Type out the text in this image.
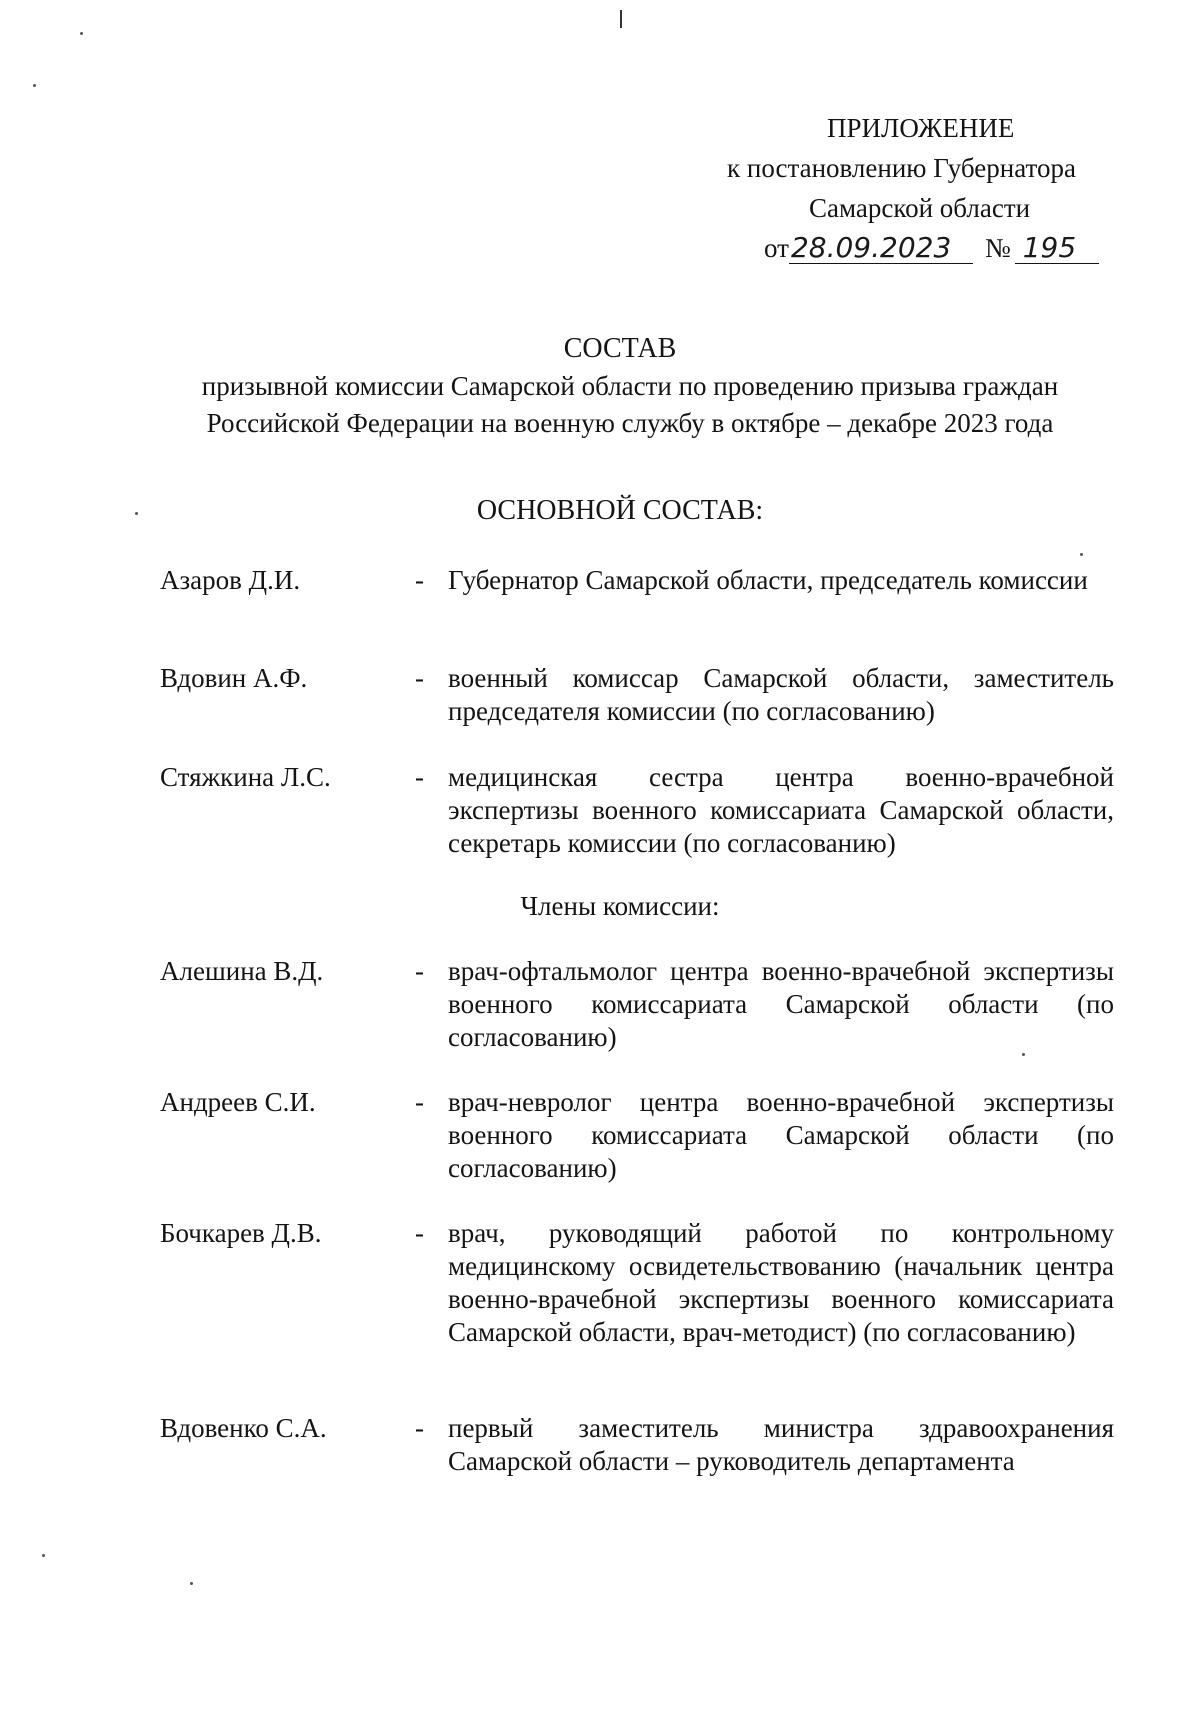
ПРИЛОЖЕНИЕ
к постановлению Губернатора
Самарской области
от28.09.2023 № 195
СОСТАВ
призывной комиссии Самарской области по проведению призыва граждан Российской Федерации на военную службу в октябре – декабре 2023 года
ОСНОВНОЙ СОСТАВ:
Азаров Д.И.	- Губернатор Самарской области, председатель комиссии
Вдовин А.Ф.	- военный комиссар Самарской области, заместитель председателя комиссии (по согласованию)
Стяжкина Л.С.	- медицинская сестра центра военно-врачебной экспертизы военного комиссариата Самарской области, секретарь комиссии (по согласованию)
Члены комиссии:
Алешина В.Д.	- врач-офтальмолог центра военно-врачебной экспертизы военного комиссариата Самарской области (по согласованию)
Андреев С.И.	- врач-невролог центра военно-врачебной экспертизы военного комиссариата Самарской области (по согласованию)
Бочкарев Д.В.	- врач, руководящий работой по контрольному медицинскому освидетельствованию (начальник центра военно-врачебной экспертизы военного комиссариата Самарской области, врач-методист) (по согласованию)
Вдовенко С.А.	- первый заместитель министра здравоохранения Самарской области – руководитель департамента
